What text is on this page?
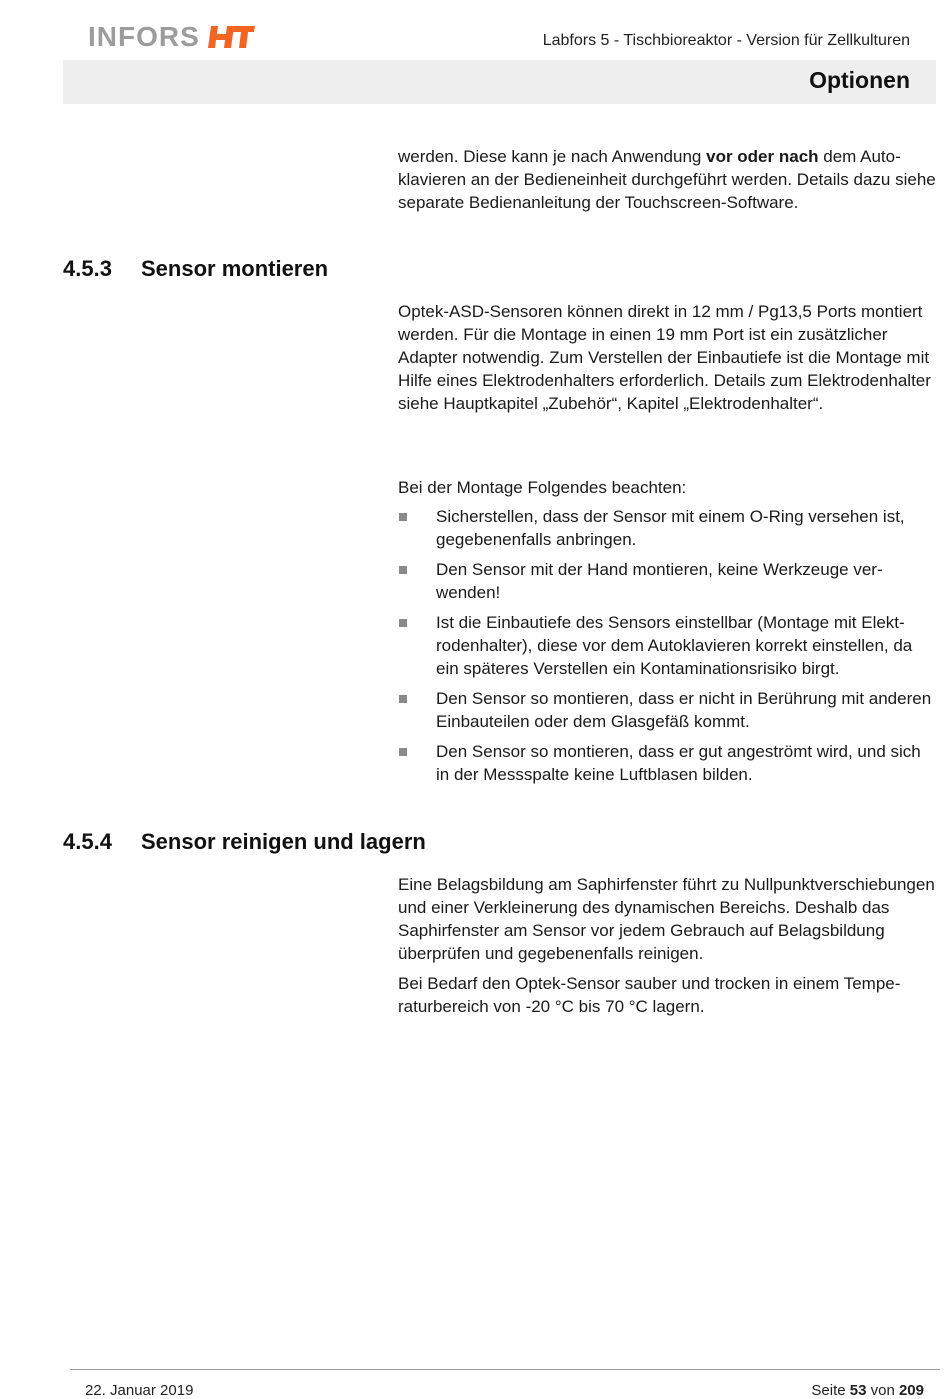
INFORS	Labfors 5 - Tischbioreaktor - Version für Zellkulturen
Optionen

werden. Diese kann je nach Anwendung vor oder nach dem Autoklavieren an der Bedieneinheit durchgeführt werden. Details dazu siehe separate Bedienanleitung der Touchscreen-Software.

4.5.3 Sensor montieren

Optek-ASD-Sensoren können direkt in 12 mm / Pg13,5 Ports montiert werden. Für die Montage in einen 19 mm Port ist ein zusätzlicher Adapter notwendig. Zum Verstellen der Einbautiefe ist die Montage mit Hilfe eines Elektrodenhalters erforderlich. Details zum Elektrodenhalter siehe Hauptkapitel „Zubehör“, Kapitel „Elektrodenhalter“.

Bei der Montage Folgendes beachten:

Sicherstellen, dass der Sensor mit einem O-Ring versehen ist, gegebenenfalls anbringen.
Den Sensor mit der Hand montieren, keine Werkzeuge verwenden!
Ist die Einbautiefe des Sensors einstellbar (Montage mit Elektrodenhalter), diese vor dem Autoklavieren korrekt einstellen, da ein späteres Verstellen ein Kontaminationsrisiko birgt.
Den Sensor so montieren, dass er nicht in Berührung mit anderen Einbauteilen oder dem Glasgefäß kommt.
Den Sensor so montieren, dass er gut angeströmt wird, und sich in der Messspalte keine Luftblasen bilden.
4.5.4 Sensor reinigen und lagern

Eine Belagsbildung am Saphirfenster führt zu Nullpunktverschiebungen und einer Verkleinerung des dynamischen Bereichs. Deshalb das Saphirfenster am Sensor vor jedem Gebrauch auf Belagsbildung überprüfen und gegebenenfalls reinigen.

Bei Bedarf den Optek-Sensor sauber und trocken in einem Temperaturbereich von -20 °C bis 70 °C lagern.

22. Januar 2019	Seite 53 von 209
